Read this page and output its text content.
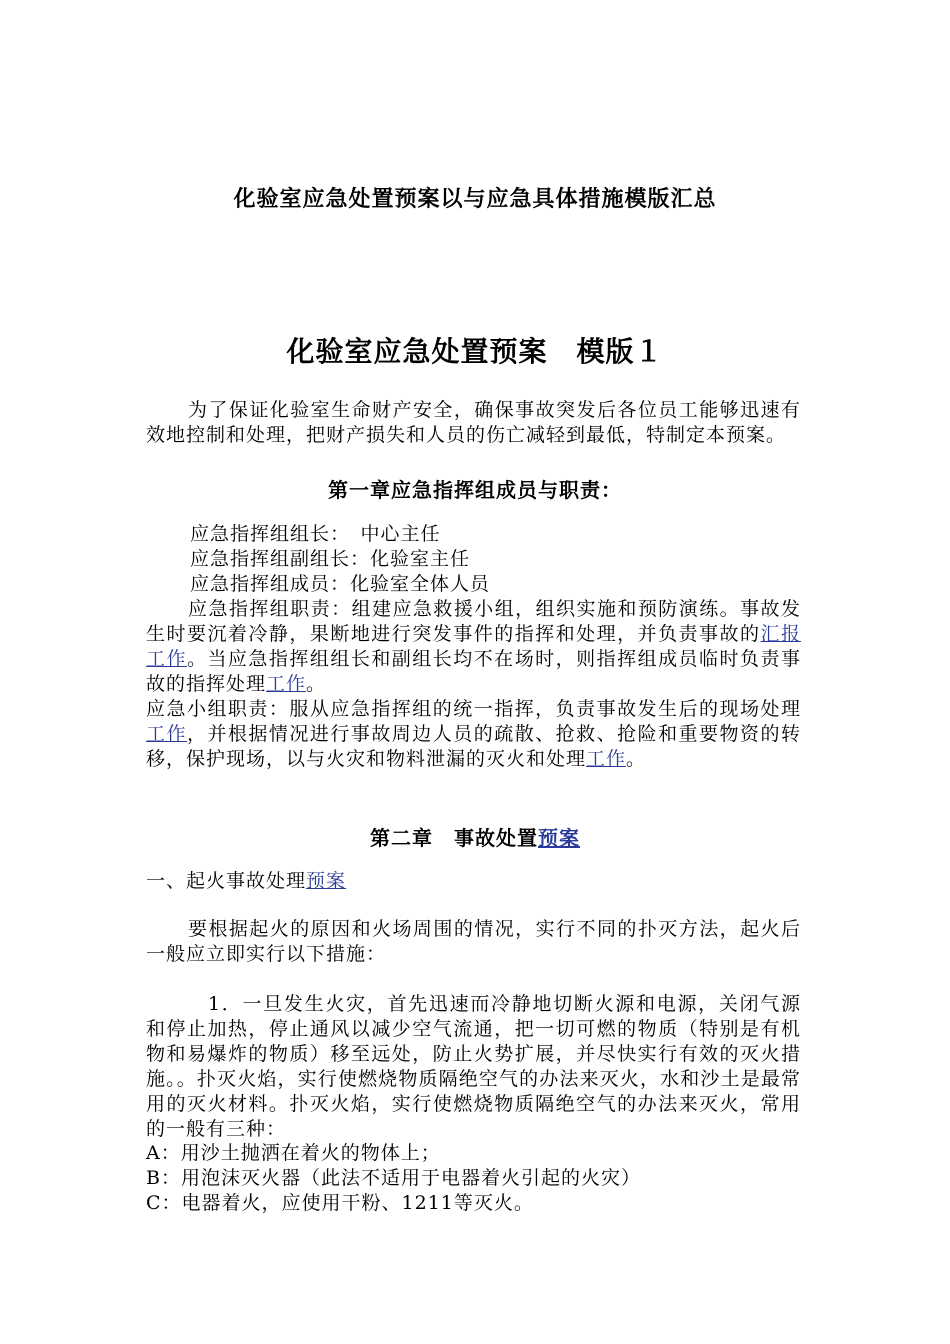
化验室应急处置预案以与应急具体措施模版汇总
化验室应急处置预案　模版１

为了保证化验室生命财产安全，确保事故突发后各位员工能够迅速有效地控制和处理，把财产损失和人员的伤亡减轻到最低，特制定本预案。

第一章应急指挥组成员与职责：

应急指挥组组长：　中心主任

应急指挥组副组长：化验室主任

应急指挥组成员：化验室全体人员

应急指挥组职责：组建应急救援小组，组织实施和预防演练。事故发生时要沉着冷静，果断地进行突发事件的指挥和处理，并负责事故的汇报工作。当应急指挥组组长和副组长均不在场时，则指挥组成员临时负责事故的指挥处理工作。

应急小组职责：服从应急指挥组的统一指挥，负责事故发生后的现场处理工作，并根据情况进行事故周边人员的疏散、抢救、抢险和重要物资的转移，保护现场，以与火灾和物料泄漏的灭火和处理工作。

第二章　事故处置预案

一、起火事故处理预案

要根据起火的原因和火场周围的情况，实行不同的扑灭方法，起火后一般应立即实行以下措施：

1．一旦发生火灾，首先迅速而冷静地切断火源和电源，关闭气源和停止加热，停止通风以减少空气流通，把一切可燃的物质（特别是有机物和易爆炸的物质）移至远处，防止火势扩展，并尽快实行有效的灭火措施。。扑灭火焰，实行使燃烧物质隔绝空气的办法来灭火，水和沙土是最常用的灭火材料。扑灭火焰，实行使燃烧物质隔绝空气的办法来灭火，常用的一般有三种：

A：用沙土抛洒在着火的物体上；

B：用泡沫灭火器（此法不适用于电器着火引起的火灾）

C：电器着火，应使用干粉、1211等灭火。
